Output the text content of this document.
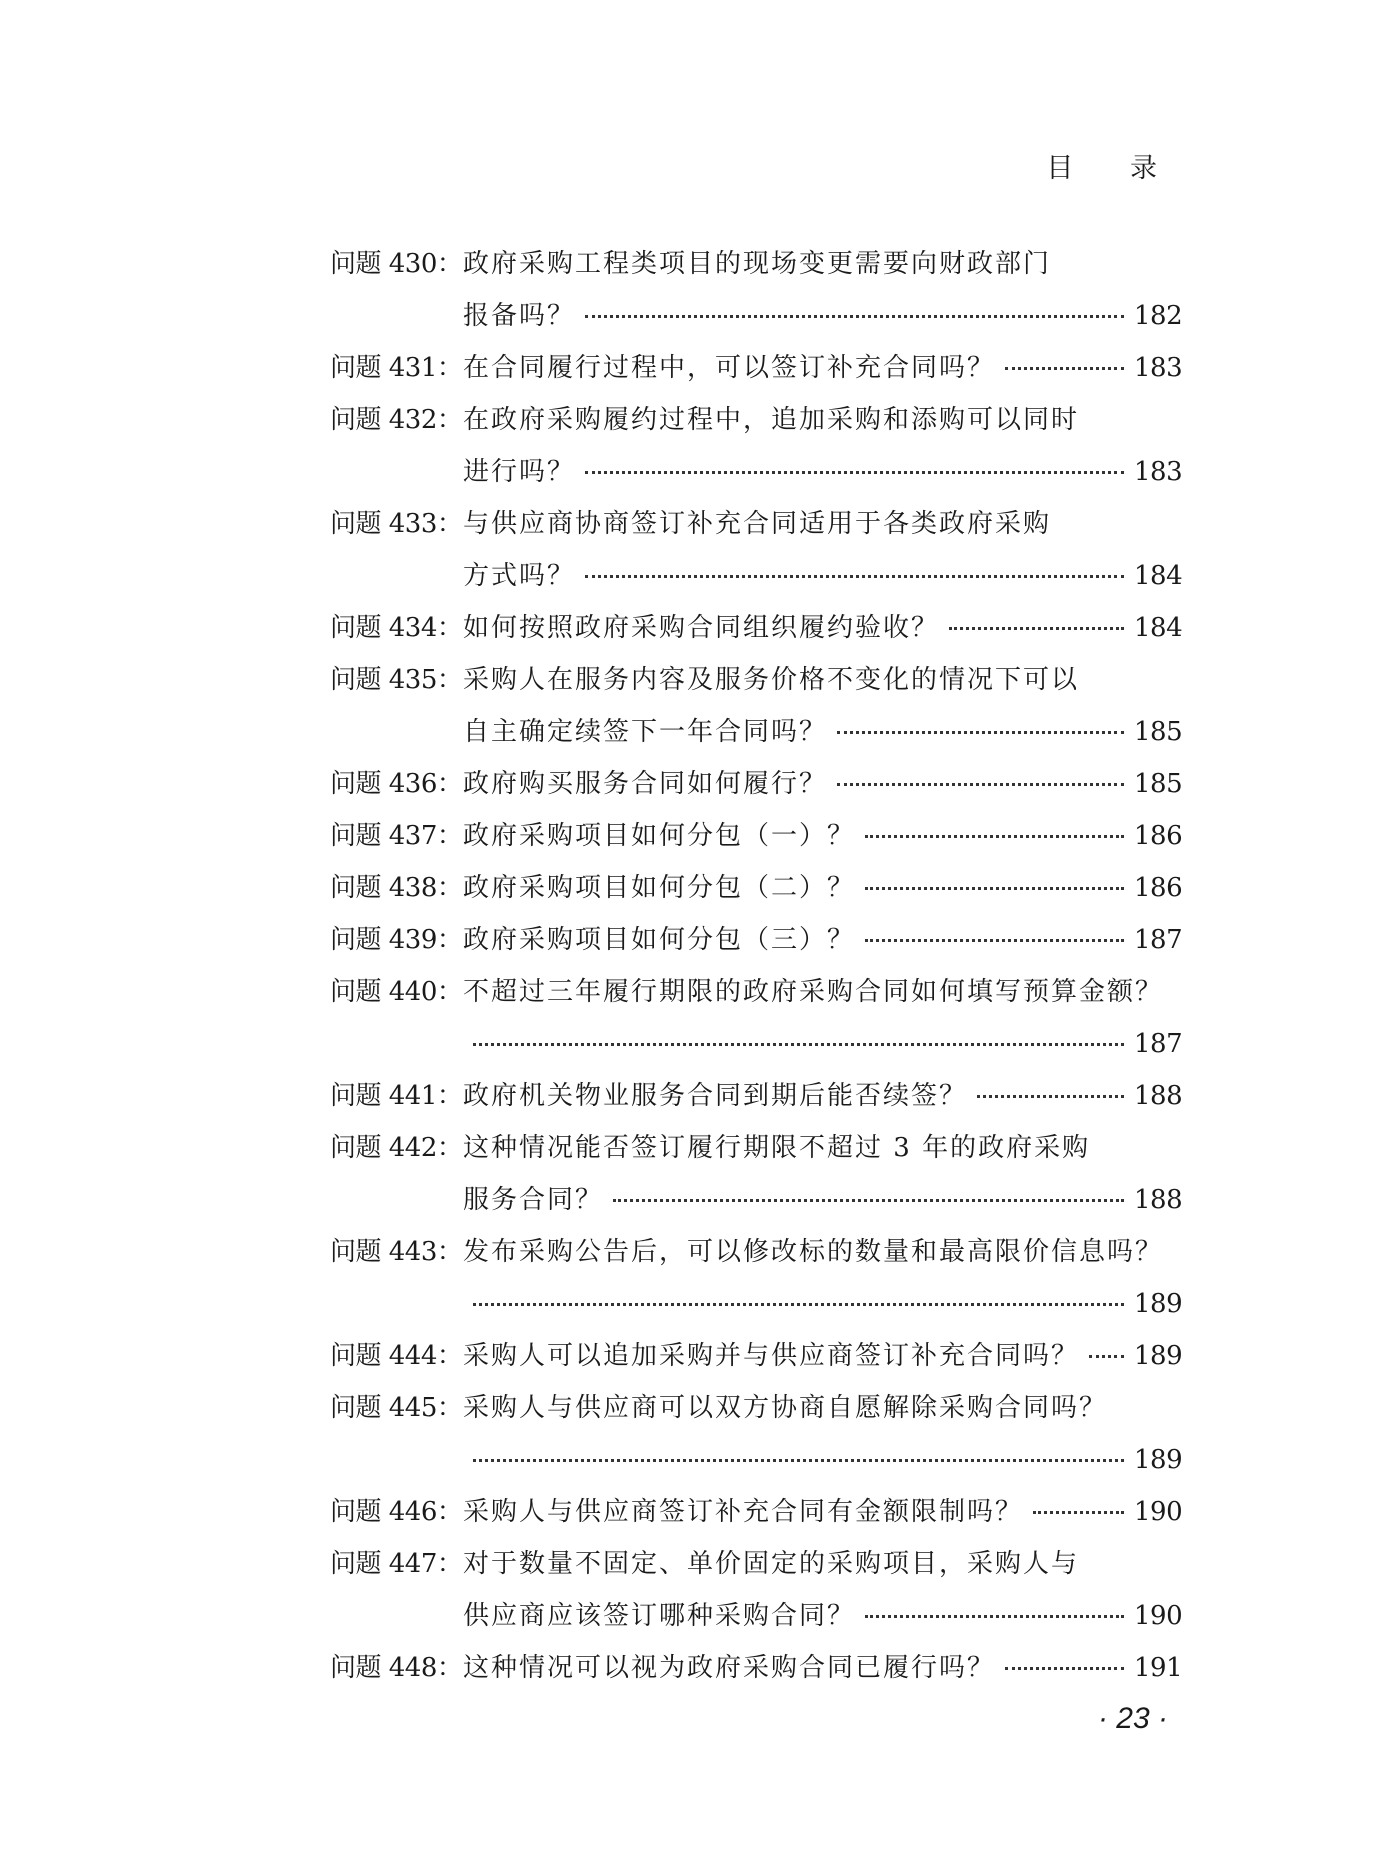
目 录
问题 430： 政府采购工程类项目的现场变更需要向财政部门
报备吗？	182
问题 431： 在合同履行过程中，可以签订补充合同吗？	183
问题 432： 在政府采购履约过程中，追加采购和添购可以同时
进行吗？	183
问题 433： 与供应商协商签订补充合同适用于各类政府采购
方式吗？	184
问题 434： 如何按照政府采购合同组织履约验收？	184
问题 435： 采购人在服务内容及服务价格不变化的情况下可以
自主确定续签下一年合同吗？	185
问题 436： 政府购买服务合同如何履行？	185
问题 437： 政府采购项目如何分包（一）？	186
问题 438： 政府采购项目如何分包（二）？	186
问题 439： 政府采购项目如何分包（三）？	187
问题 440： 不超过三年履行期限的政府采购合同如何填写预算金额？
187
问题 441： 政府机关物业服务合同到期后能否续签？	188
问题 442： 这种情况能否签订履行期限不超过 3 年的政府采购
服务合同？	188
问题 443： 发布采购公告后，可以修改标的数量和最高限价信息吗？
189
问题 444： 采购人可以追加采购并与供应商签订补充合同吗？ 189
问题 445： 采购人与供应商可以双方协商自愿解除采购合同吗？
189
问题 446： 采购人与供应商签订补充合同有金额限制吗？	190
问题 447： 对于数量不固定、单价固定的采购项目，采购人与
供应商应该签订哪种采购合同？	190
问题 448： 这种情况可以视为政府采购合同已履行吗？	191
· 23 ·
